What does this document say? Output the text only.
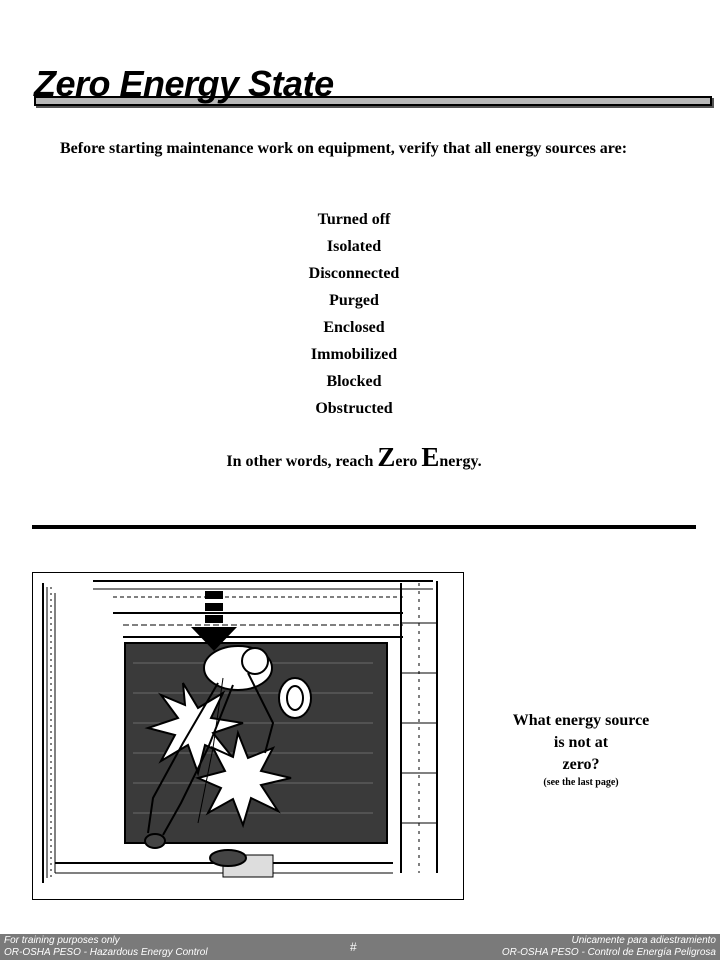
Zero Energy State
Before starting maintenance work on equipment, verify that all energy sources are:
Turned off
Isolated
Disconnected
Purged
Enclosed
Immobilized
Blocked
Obstructed
In other words, reach Zero Energy.
What energy source
is not at
zero?
(see the last page)
For training purposes only
OR-OSHA PESO - Hazardous Energy Control	#	Unicamente para adiestramiento
OR-OSHA PESO - Control de Energía Peligrosa
